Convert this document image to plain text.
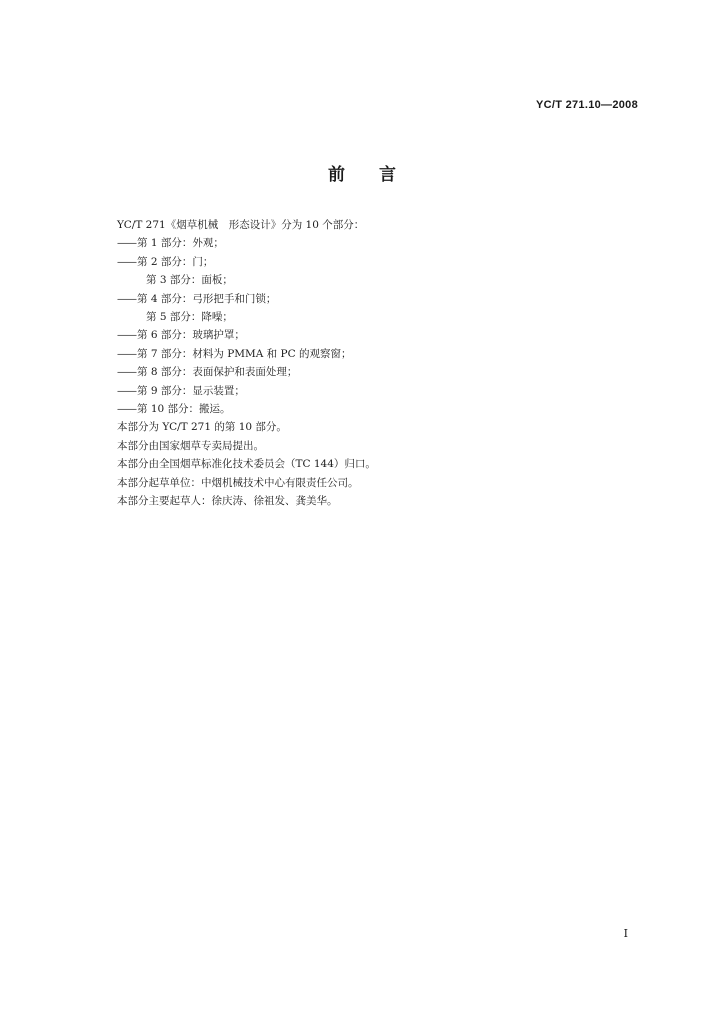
YC/T 271.10—2008
前言
YC/T 271《烟草机械　形态设计》分为 10 个部分：
——第 1 部分：外观；
——第 2 部分：门；
第 3 部分：面板；
——第 4 部分：弓形把手和门锁；
第 5 部分：降噪；
——第 6 部分：玻璃护罩；
——第 7 部分：材料为 PMMA 和 PC 的观察窗；
——第 8 部分：表面保护和表面处理；
——第 9 部分：显示装置；
——第 10 部分：搬运。
本部分为 YC/T 271 的第 10 部分。
本部分由国家烟草专卖局提出。
本部分由全国烟草标准化技术委员会（TC 144）归口。
本部分起草单位：中烟机械技术中心有限责任公司。
本部分主要起草人：徐庆涛、徐祖发、龚美华。
I
